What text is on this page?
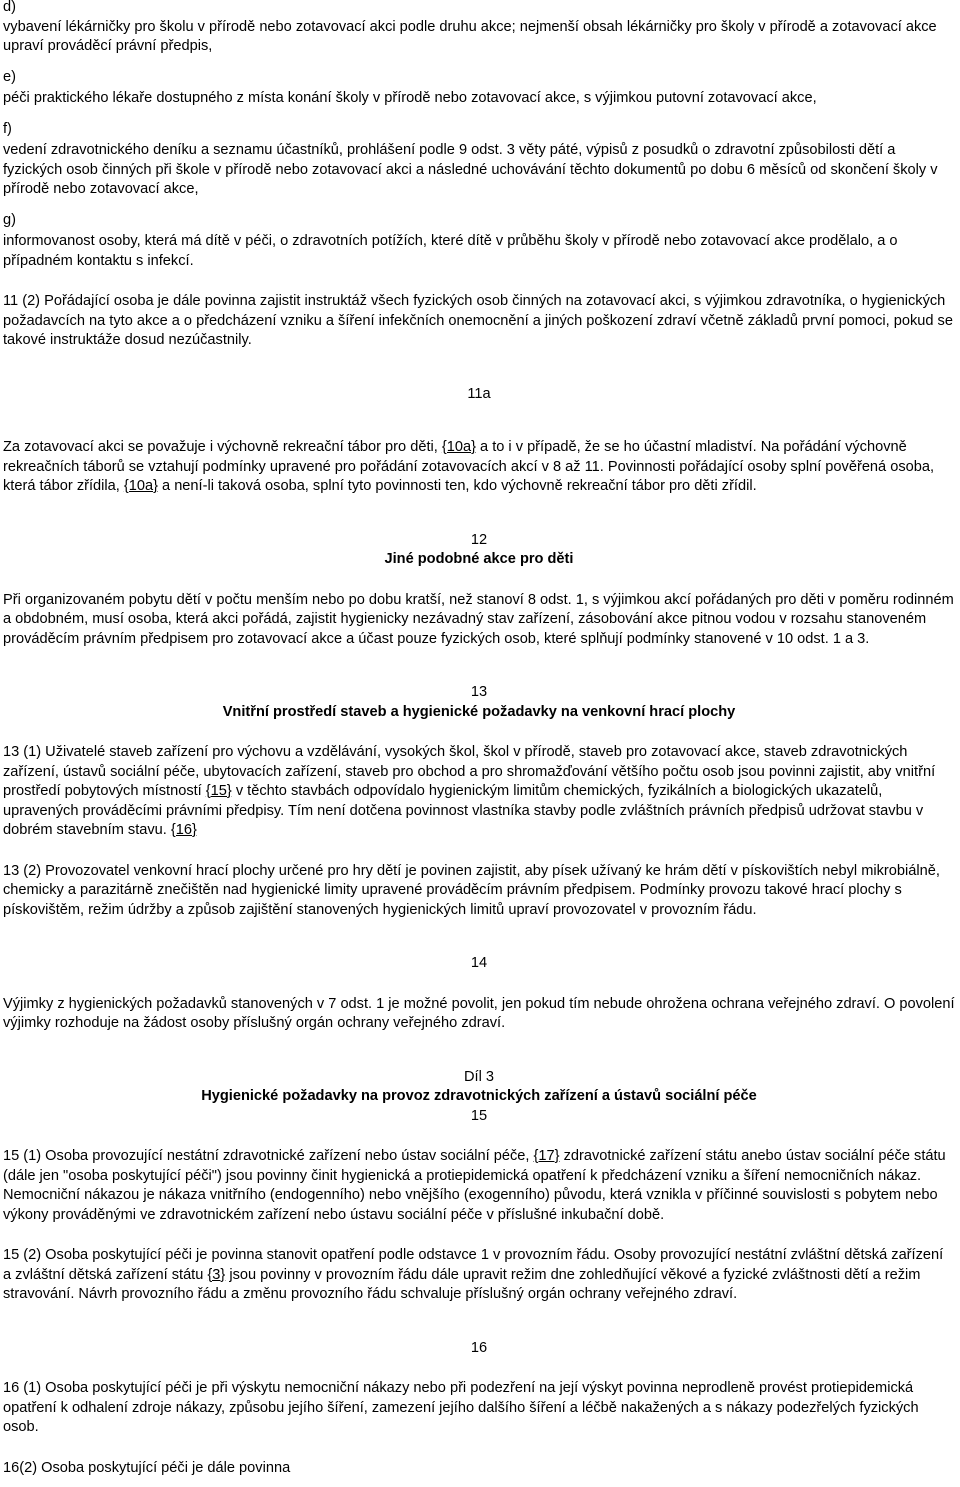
d)

vybavení lékárničky pro školu v přírodě nebo zotavovací akci podle druhu akce; nejmenší obsah lékárničky pro školy v přírodě a zotavovací akce upraví prováděcí právní předpis,

e)

péči praktického lékaře dostupného z místa konání školy v přírodě nebo zotavovací akce, s výjimkou putovní zotavovací akce,

f)

vedení zdravotnického deníku a seznamu účastníků, prohlášení podle 9 odst. 3 věty páté, výpisů z posudků o zdravotní způsobilosti dětí a fyzických osob činných při škole v přírodě nebo zotavovací akci a následné uchovávání těchto dokumentů po dobu 6 měsíců od skončení školy v přírodě nebo zotavovací akce,

g)

informovanost osoby, která má dítě v péči, o zdravotních potížích, které dítě v průběhu školy v přírodě nebo zotavovací akce prodělalo, a o případném kontaktu s infekcí.

11 (2) Pořádající osoba je dále povinna zajistit instruktáž všech fyzických osob činných na zotavovací akci, s výjimkou zdravotníka, o hygienických požadavcích na tyto akce a o předcházení vzniku a šíření infekčních onemocnění a jiných poškození zdraví včetně základů první pomoci, pokud se takové instruktáže dosud nezúčastnily.

11a

Za zotavovací akci se považuje i výchovně rekreační tábor pro děti, {10a} a to i v případě, že se ho účastní mladiství. Na pořádání výchovně rekreačních táborů se vztahují podmínky upravené pro pořádání zotavovacích akcí v 8 až 11. Povinnosti pořádající osoby splní pověřená osoba, která tábor zřídila, {10a} a není-li taková osoba, splní tyto povinnosti ten, kdo výchovně rekreační tábor pro děti zřídil.

12

Jiné podobné akce pro děti

Při organizovaném pobytu dětí v počtu menším nebo po dobu kratší, než stanoví 8 odst. 1, s výjimkou akcí pořádaných pro děti v poměru rodinném a obdobném, musí osoba, která akci pořádá, zajistit hygienicky nezávadný stav zařízení, zásobování akce pitnou vodou v rozsahu stanoveném prováděcím právním předpisem pro zotavovací akce a účast pouze fyzických osob, které splňují podmínky stanovené v 10 odst. 1 a 3.

13

Vnitřní prostředí staveb a hygienické požadavky na venkovní hrací plochy

13 (1) Uživatelé staveb zařízení pro výchovu a vzdělávání, vysokých škol, škol v přírodě, staveb pro zotavovací akce, staveb zdravotnických zařízení, ústavů sociální péče, ubytovacích zařízení, staveb pro obchod a pro shromažďování většího počtu osob jsou povinni zajistit, aby vnitřní prostředí pobytových místností {15} v těchto stavbách odpovídalo hygienickým limitům chemických, fyzikálních a biologických ukazatelů, upravených prováděcími právními předpisy. Tím není dotčena povinnost vlastníka stavby podle zvláštních právních předpisů udržovat stavbu v dobrém stavebním stavu. {16}

13 (2) Provozovatel venkovní hrací plochy určené pro hry dětí je povinen zajistit, aby písek užívaný ke hrám dětí v pískovištích nebyl mikrobiálně, chemicky a parazitárně znečištěn nad hygienické limity upravené prováděcím právním předpisem. Podmínky provozu takové hrací plochy s pískovištěm, režim údržby a způsob zajištění stanovených hygienických limitů upraví provozovatel v provozním řádu.

14

Výjimky z hygienických požadavků stanovených v 7 odst. 1 je možné povolit, jen pokud tím nebude ohrožena ochrana veřejného zdraví. O povolení výjimky rozhoduje na žádost osoby příslušný orgán ochrany veřejného zdraví.

Díl 3

Hygienické požadavky na provoz zdravotnických zařízení a ústavů sociální péče

15

15 (1) Osoba provozující nestátní zdravotnické zařízení nebo ústav sociální péče, {17} zdravotnické zařízení státu anebo ústav sociální péče státu (dále jen "osoba poskytující péči") jsou povinny činit hygienická a protiepidemická opatření k předcházení vzniku a šíření nemocničních nákaz. Nemocniční nákazou je nákaza vnitřního (endogenního) nebo vnějšího (exogenního) původu, která vznikla v příčinné souvislosti s pobytem nebo výkony prováděnými ve zdravotnickém zařízení nebo ústavu sociální péče v příslušné inkubační době.

15 (2) Osoba poskytující péči je povinna stanovit opatření podle odstavce 1 v provozním řádu. Osoby provozující nestátní zvláštní dětská zařízení a zvláštní dětská zařízení státu {3} jsou povinny v provozním řádu dále upravit režim dne zohledňující věkové a fyzické zvláštnosti dětí a režim stravování. Návrh provozního řádu a změnu provozního řádu schvaluje příslušný orgán ochrany veřejného zdraví.

16

16 (1) Osoba poskytující péči je při výskytu nemocniční nákazy nebo při podezření na její výskyt povinna neprodleně provést protiepidemická opatření k odhalení zdroje nákazy, způsobu jejího šíření, zamezení jejího dalšího šíření a léčbě nakažených a s nákazy podezřelých fyzických osob.

16(2) Osoba poskytující péči je dále povinna
